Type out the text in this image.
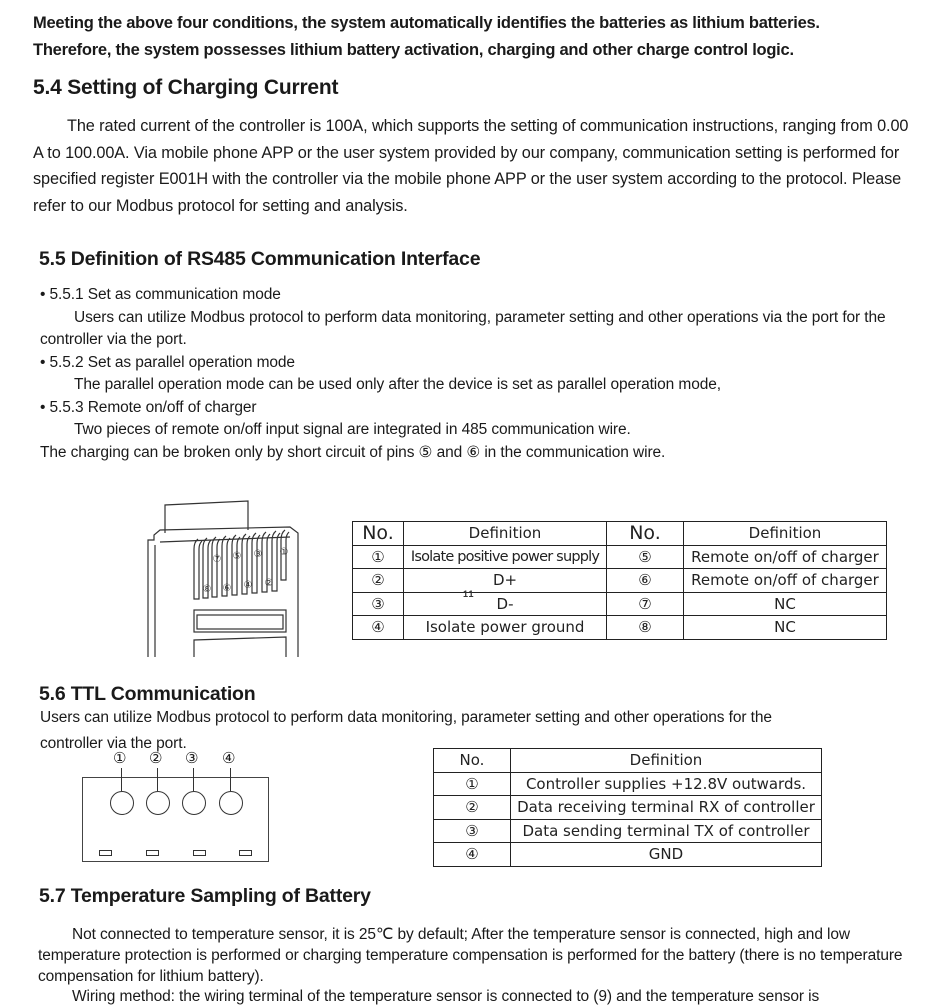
Meeting the above four conditions, the system automatically identifies the batteries as lithium batteries.
Therefore, the system possesses lithium battery activation, charging and other charge control logic.
5.4 Setting of Charging Current
The rated current of the controller is 100A, which supports the setting of communication instructions, ranging from 0.00 A to 100.00A. Via mobile phone APP or the user system provided by our company, communication setting is performed for specified register E001H with the controller via the mobile phone APP or the user system according to the protocol. Please refer to our Modbus protocol for setting and analysis.
5.5 Definition of RS485 Communication Interface
• 5.5.1 Set as communication mode
Users can utilize Modbus protocol to perform data monitoring, parameter setting and other operations via the port for the controller via the port.
• 5.5.2 Set as parallel operation mode
The parallel operation mode can be used only after the device is set as parallel operation mode,
• 5.5.3 Remote on/off of charger
Two pieces of remote on/off input signal are integrated in 485 communication wire.
The charging can be broken only by short circuit of pins ⑤ and ⑥ in the communication wire.
①
③
⑤
⑦
②
④
⑥
⑧
No.	Definition	No.	Definition
①	Isolate positive power supply	⑤	Remote on/off of charger
②	D+	⑥	Remote on/off of charger
③	D-	⑦	NC
④	Isolate power ground	⑧	NC
11
5.6 TTL Communication
Users can utilize Modbus protocol to perform data monitoring, parameter setting and other operations for the
controller via the port.
① ② ③ ④	No.	Definition
①	Controller supplies +12.8V outwards.
②	Data receiving terminal RX of controller
③	Data sending terminal TX of controller
④	GND
5.7 Temperature Sampling of Battery
Not connected to temperature sensor, it is 25℃ by default; After the temperature sensor is connected, high and low temperature protection is performed or charging temperature compensation is performed for the battery (there is no temperature compensation for lithium battery).
Wiring method: the wiring terminal of the temperature sensor is connected to (9) and the temperature sensor is
